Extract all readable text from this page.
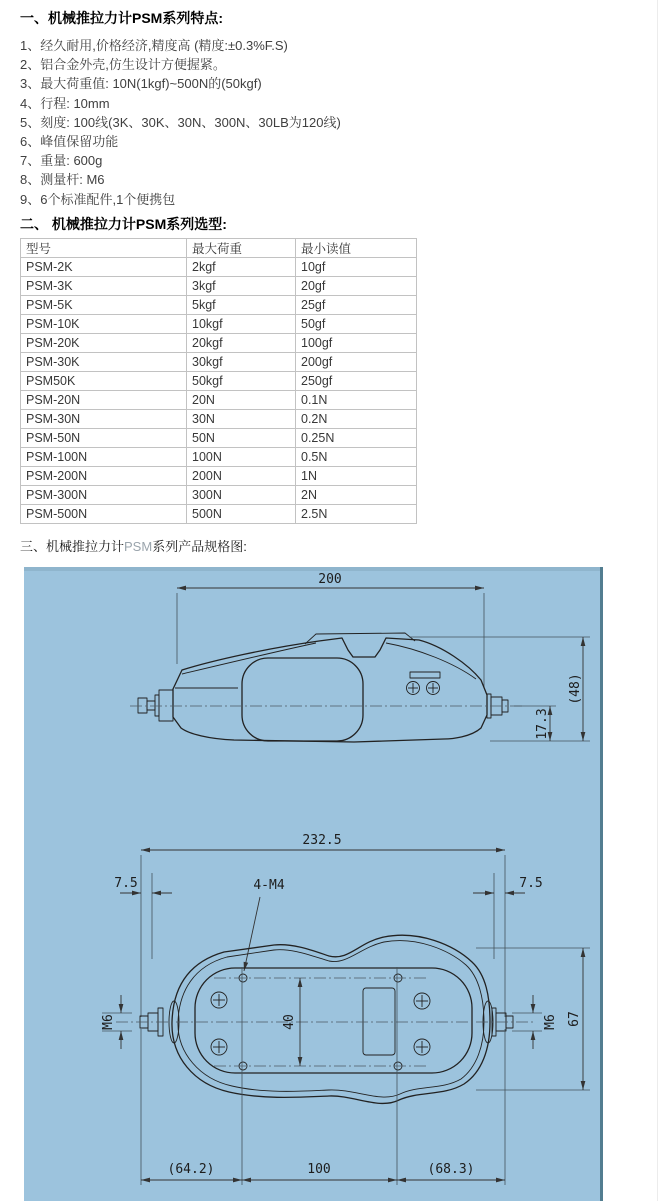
一、机械推拉力计PSM系列特点:
1、经久耐用,价格经济,精度高 (精度:±0.3%F.S)
2、铝合金外壳,仿生设计方便握紧。
3、最大荷重值: 10N(1kgf)~500N的(50kgf)
4、行程: 10mm
5、刻度: 100线(3K、30K、30N、300N、30LB为120线)
6、峰值保留功能
7、重量: 600g
8、测量杆: M6
9、6个标准配件,1个便携包
二、 机械推拉力计PSM系列选型:
型号	最大荷重	最小读值
PSM-2K	2kgf	10gf
PSM-3K	3kgf	20gf
PSM-5K	5kgf	25gf
PSM-10K	10kgf	50gf
PSM-20K	20kgf	100gf
PSM-30K	30kgf	200gf
PSM50K	50kgf	250gf
PSM-20N	20N	0.1N
PSM-30N	30N	0.2N
PSM-50N	50N	0.25N
PSM-100N	100N	0.5N
PSM-200N	200N	1N
PSM-300N	300N	2N
PSM-500N	500N	2.5N
三、机械推拉力计PSM系列产品规格图:
200
(48)
17.3
232.5
7.5	7.5
4-M4
40
M6	M6 67
(64.2)	100	(68.3)
